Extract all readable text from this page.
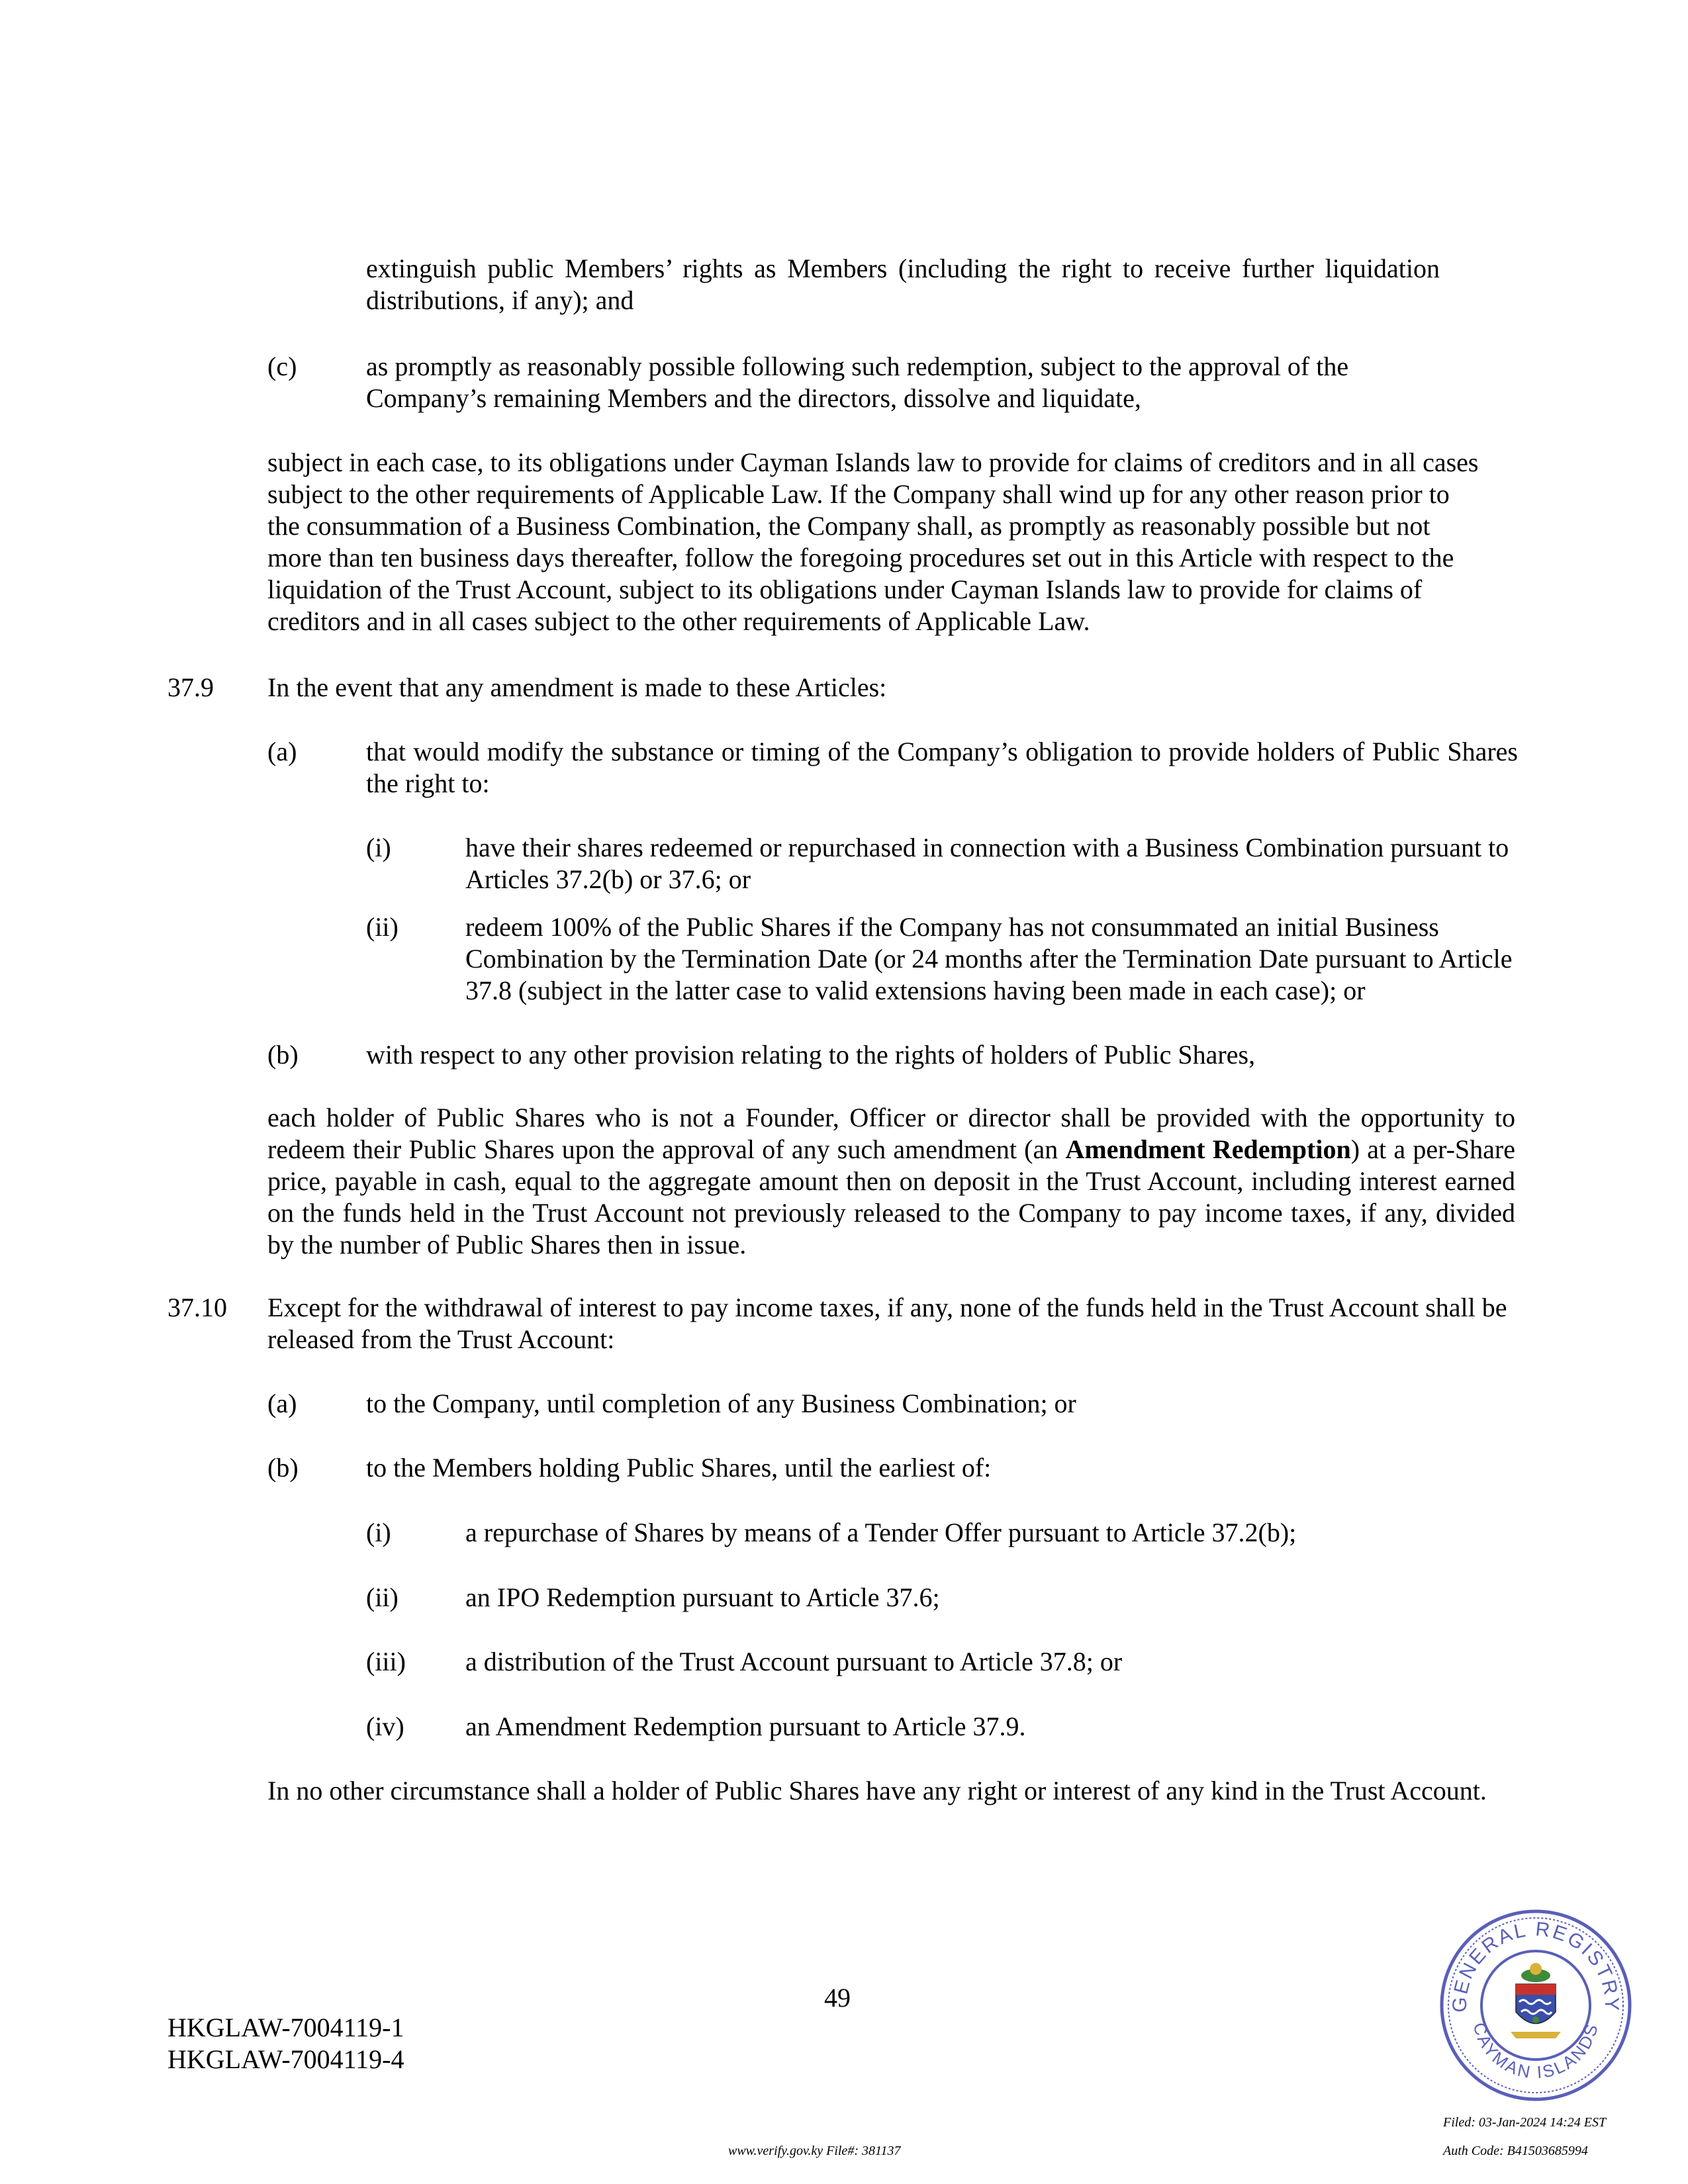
extinguish public Members’ rights as Members (including the right to receive further liquidation distributions, if any); and

(c)	as promptly as reasonably possible following such redemption, subject to the approval of the Company’s remaining Members and the directors, dissolve and liquidate,

subject in each case, to its obligations under Cayman Islands law to provide for claims of creditors and in all cases subject to the other requirements of Applicable Law. If the Company shall wind up for any other reason prior to the consummation of a Business Combination, the Company shall, as promptly as reasonably possible but not more than ten business days thereafter, follow the foregoing procedures set out in this Article with respect to the liquidation of the Trust Account, subject to its obligations under Cayman Islands law to provide for claims of creditors and in all cases subject to the other requirements of Applicable Law.

37.9 In the event that any amendment is made to these Articles:

(a)	that would modify the substance or timing of the Company’s obligation to provide holders of Public Shares the right to:

(i)	have their shares redeemed or repurchased in connection with a Business Combination pursuant to Articles 37.2(b) or 37.6; or

(ii)	redeem 100% of the Public Shares if the Company has not consummated an initial Business Combination by the Termination Date (or 24 months after the Termination Date pursuant to Article 37.8 (subject in the latter case to valid extensions having been made in each case); or

(b)	with respect to any other provision relating to the rights of holders of Public Shares,

each holder of Public Shares who is not a Founder, Officer or director shall be provided with the opportunity to redeem their Public Shares upon the approval of any such amendment (an Amendment Redemption) at a per-Share price, payable in cash, equal to the aggregate amount then on deposit in the Trust Account, including interest earned on the funds held in the Trust Account not previously released to the Company to pay income taxes, if any, divided by the number of Public Shares then in issue.

37.10 Except for the withdrawal of interest to pay income taxes, if any, none of the funds held in the Trust Account shall be released from the Trust Account:

(a)	to the Company, until completion of any Business Combination; or

(b)	to the Members holding Public Shares, until the earliest of:

(i)	a repurchase of Shares by means of a Tender Offer pursuant to Article 37.2(b);

(ii)	an IPO Redemption pursuant to Article 37.6;

(iii) a distribution of the Trust Account pursuant to Article 37.8; or

(iv) an Amendment Redemption pursuant to Article 37.9.

In no other circumstance shall a holder of Public Shares have any right or interest of any kind in the Trust Account.

49
HKGLAW-7004119-1
HKGLAW-7004119-4
www.verify.gov.ky File#: 381137
Filed: 03-Jan-2024 14:24 EST
Auth Code: B41503685994
GENERAL REGISTRY
CAYMAN ISLANDS
